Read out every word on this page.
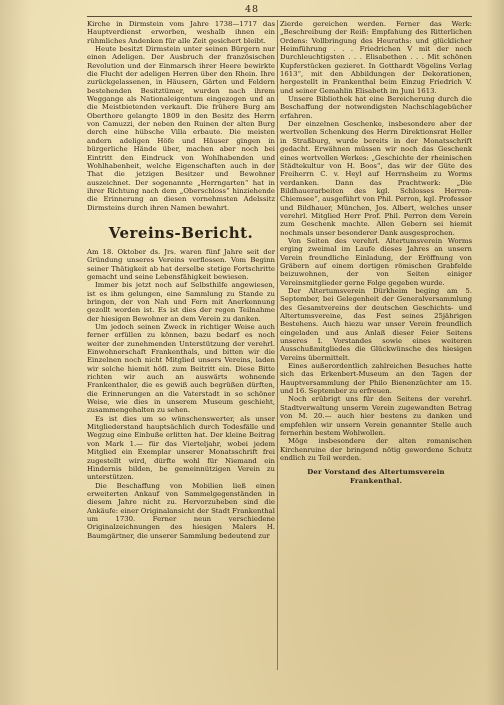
48

Kirche in Dirmstein vom Jahre 1738—1717 das Hauptverdienst erworben, weshalb ihnen ein rühmliches Andenken für alle Zeit gesichert bleibt.

Heute besitzt Dirmstein unter seinen Bürgern nur einen Adeligen. Der Ausbruch der französischen Revolution und der Einmarsch ihrer Heere bewirkte die Flucht der adeligen Herren über den Rhein. Ihre zurückgelassenen, in Häusern, Gärten und Feldern bestehenden Besitztümer, wurden nach ihrem Weggange als Nationaleigentum eingezogen und an die Meistbietenden verkauft. Die frühere Burg am Oberthore gelangte 1809 in den Besitz des Herrn von Camuzzi, der neben den Ruinen der alten Burg derch eine hübsche Villa erbaute. Die meisten andern adeligen Höfe und Häuser gingen in bürgerliche Hände über, machen aber noch bei Eintritt den Eindruck von Wohlhabenden und Wohlhabenheit, welche Eigenschaften auch in der That die jetzigen Besitzer und Bewohner auszeichnet. Der sogenannte „Herrngarten“ hat in ihrer Richtung nach dem „Oberschloss“ hinziehende die Erinnerung an diesen vornehmsten Adelssitz Dirmsteins durch ihren Namen bewahrt.

Vereins-Bericht.

Am 18. Oktober ds. Jrs. waren fünf Jahre seit der Gründung unseres Vereins verflossen. Vom Beginn seiner Thätigkeit ab hat derselbe stetige Fortschritte gemacht und seine Lebensfähigkeit bewiesen.

Immer bis jetzt noch auf Selbsthilfe angewiesen, ist es ihm gelungen, eine Sammlung zu Stande zu bringen, der von Nah und Fern mit Anerkennung gezollt worden ist. Es ist dies der regen Teilnahme der hiesigen Bewohner an dem Verein zu danken.

Um jedoch seinen Zweck in richtiger Weise auch ferner erfüllen zu können, bazu bedarf es noch weiter der zunehmenden Unterstützung der verehrl. Einwohnerschaft Frankenthals, und bitten wir die Einzelnen noch nicht Mitglied unsers Vereins, laden wir solche hiemit höfl. zum Beitritt ein. Diese Bitte richten wir auch an auswärts wohnende Frankenthaler, die es gewiß auch begrüßen dürften, die Erinnerungen an die Vaterstadt in so schöner Weise, wie dies in unserem Museum geschieht, zusammengehalten zu sehen.

Es ist dies um so wünschenswerter, als unser Mitgliederstand hauptsächlich durch Todesfälle und Wegzug eine Einbuße erlitten hat. Der kleine Beitrag von Mark 1.— für das Vierteljahr, wobei jedem Mitglied ein Exemplar unserer Monatsschrift frei zugestellt wird, dürfte wohl für Niemand ein Hindernis bilden, be gemeinnützigen Verein zu unterstützen.

Die Beschaffung von Mobilien ließ einen erweiterten Ankauf von Sammelgegenständen in diesem Jahre nicht zu. Hervorzuheben sind die Ankäufe: einer Originalansicht der Stadt Frankenthal um 1730. Ferner neun verschiedene Originalzeichnungen des hiesigen Malers H. Baumgärtner, die unserer Sammlung bedeutend zur

Zierde gereichen werden. Ferner das Werk: „Beschreibung der Reiß: Empfahung des Ritterlichen Ordens: Vollbringung des Heuraths: und glücklicher Heimführung . . . Friedrichen V mit der noch Durchleuchtigsten . . . Elisabethen . . . Mit schönen Kupferstücken gezieret. In Gotthardt Vögelins Verlag 1613“, mit den Abbildungen der Dekorationen, hergestellt in Frankenthal beim Einzug Friedrich V. und seiner Gemahlin Elisabeth im Juni 1613.

Unsere Bibliothek hat eine Bereicherung durch die Beschaffung der notwendigsten Nachschlagebücher erfahren.

Der einzelnen Geschenke, insbesondere aber der wertvollen Schenkung des Herrn Direktionsrat Heller in Straßburg, wurde bereits in der Monatsschrift gedacht. Erwähnen müssen wir noch das Geschenk eines wertvollen Werkes: „Geschichte der rheinischen Städtekultur von H. Boos“, das wir der Güte des Freiherrn C. v. Heyl auf Herrnsheim zu Worms verdanken. Dann das Prachtwerk: „Die Bildhauerarbeiten des kgl. Schlosses Herren-Chiemsee“, ausgeführt von Phil. Perron, kgl. Professor und Bildhauer, München, Jos. Albert, welches unser verehrl. Mitglied Herr Prof. Phil. Perron dem Verein zum Geschenk machte. Allen Gebern sei hiemit nochmals unser besonderer Dank ausgesprochen.

Von Seiten des verehrl. Altertumsverein Worms erging zweimal im Laufe dieses Jahres an unsern Verein freundliche Einladung, der Eröffnung von Gräbern auf einem dortigen römischen Grabfelde beizuwohnen, der von Seiten einiger Vereinsmitglieder gerne Folge gegeben wurde.

Der Altertumsverein Dürkheim beging am 5. September, bei Gelegenheit der Generalversammlung des Gesamtvereins der deutschen Geschichts- und Altertumsvereine, das Fest seines 25jährigen Bestehens. Auch hiezu war unser Verein freundlich eingeladen und aus Anlaß dieser Feier Seitens unseres I. Vorstandes sowie eines weiteren Ausschußmitgliedes die Glückwünsche des hiesigen Vereins übermittelt.

Eines außerordentlich zahlreichen Besuches hatte sich das Erkenbert-Museum an den Tagen der Hauptversammlung der Philo Bienenzüchter am 15. und 16. September zu erfreuen.

Noch erübrigt uns für den Seitens der verehrl. Stadtverwaltung unserm Verein zugewandten Betrag von M. 20.— auch hier bestens zu danken und empfehlen wir unsern Verein genannter Stelle auch fernerhin bestem Wohlwollen.

Möge insbesondere der alten romanischen Kirchenruine der bringend nötig gewordene Schutz endlich zu Teil werden.

Der Vorstand des Altertumsverein Frankenthal.
